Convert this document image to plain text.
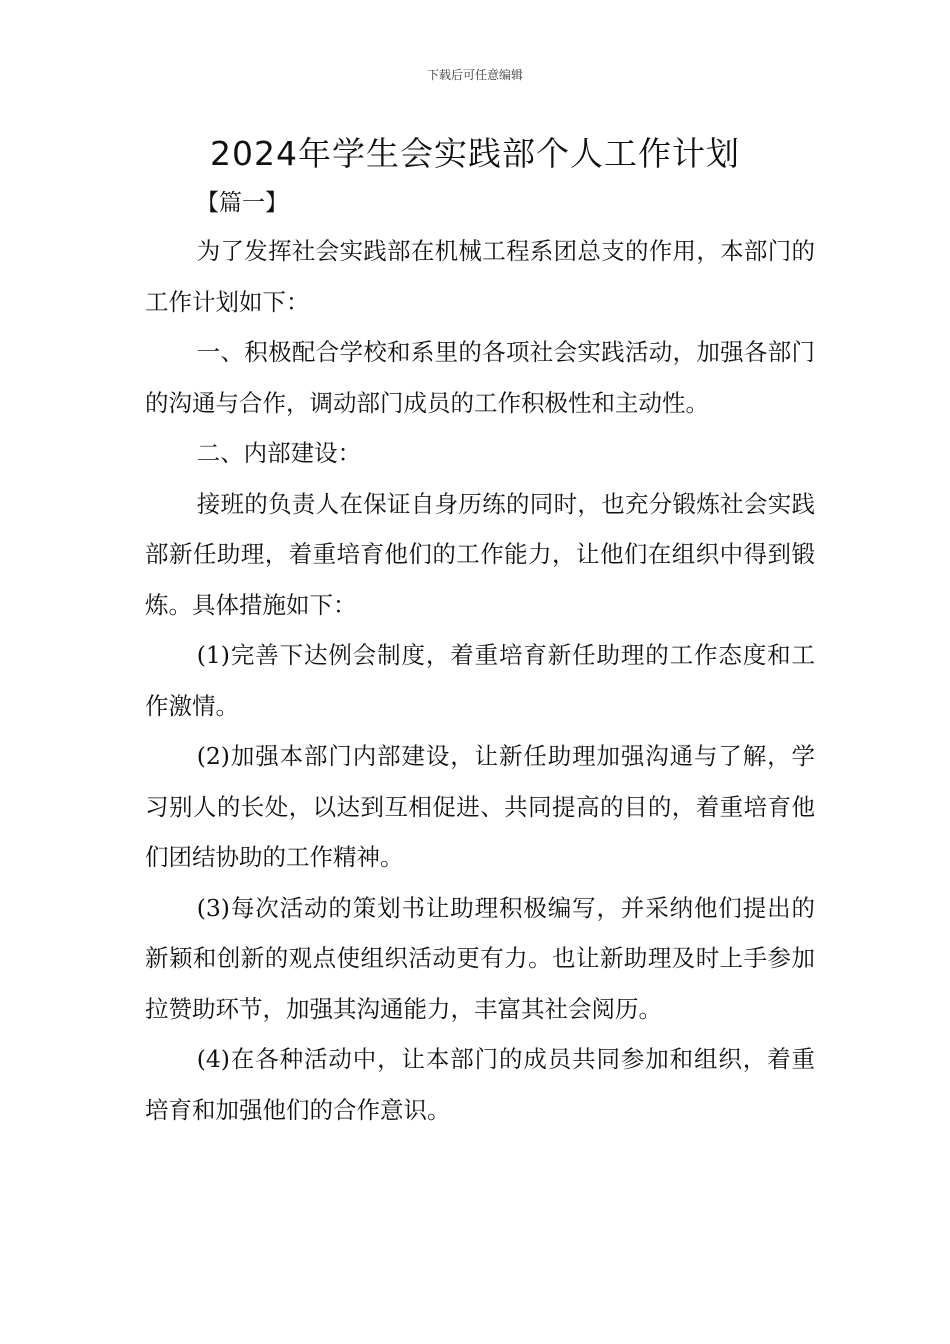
下载后可任意编辑
2024年学生会实践部个人工作计划
【篇一】

为了发挥社会实践部在机械工程系团总支的作用，本部门的工作计划如下：

一、积极配合学校和系里的各项社会实践活动，加强各部门的沟通与合作，调动部门成员的工作积极性和主动性。

二、内部建设：

接班的负责人在保证自身历练的同时，也充分锻炼社会实践部新任助理，着重培育他们的工作能力，让他们在组织中得到锻炼。具体措施如下：

(1)完善下达例会制度，着重培育新任助理的工作态度和工作激情。

(2)加强本部门内部建设，让新任助理加强沟通与了解，学习别人的长处，以达到互相促进、共同提高的目的，着重培育他们团结协助的工作精神。

(3)每次活动的策划书让助理积极编写，并采纳他们提出的新颖和创新的观点使组织活动更有力。也让新助理及时上手参加拉赞助环节，加强其沟通能力，丰富其社会阅历。

(4)在各种活动中，让本部门的成员共同参加和组织，着重培育和加强他们的合作意识。
